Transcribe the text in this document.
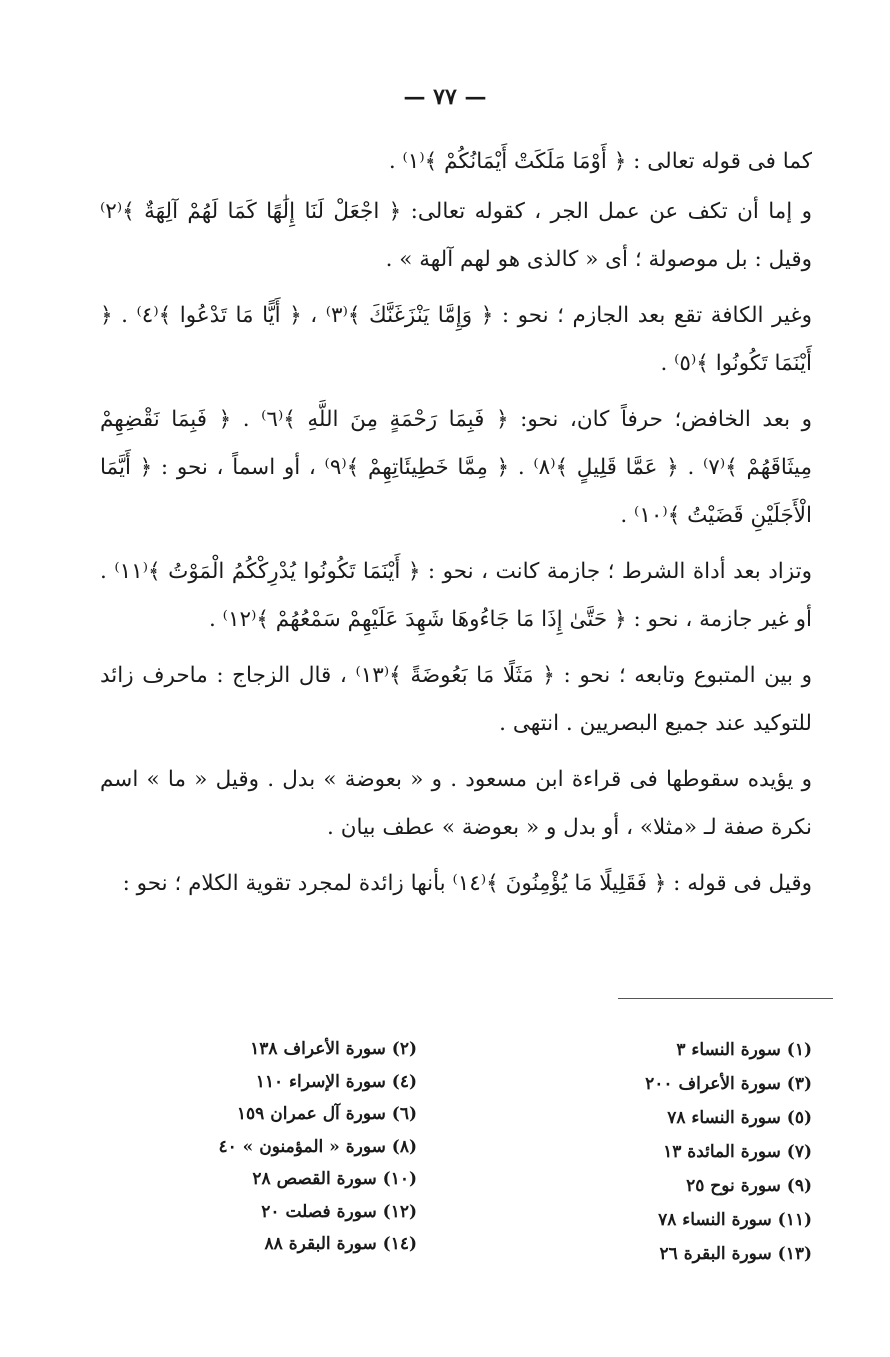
— ٧٧ —

كما فى قوله تعالى : ﴿ أَوْمَا مَلَكَتْ أَيْمَانُكُمْ ﴾⁽١⁾ .

و إما أن تكف عن عمل الجر ، كقوله تعالى: ﴿ اجْعَلْ لَنَا إِلَٰهًا كَمَا لَهُمْ آلِهَةٌ ﴾⁽٢⁾ وقيل : بل موصولة ؛ أى « كالذى هو لهم آلهة » .

وغير الكافة تقع بعد الجازم ؛ نحو : ﴿ وَإِمَّا يَنْزَغَنَّكَ ﴾⁽٣⁾ ، ﴿ أَيًّا مَا تَدْعُوا ﴾⁽٤⁾ . ﴿ أَيْنَمَا تَكُونُوا ﴾⁽٥⁾ .

و بعد الخافض؛ حرفاً كان، نحو: ﴿ فَبِمَا رَحْمَةٍ مِنَ اللَّهِ ﴾⁽٦⁾ . ﴿ فَبِمَا نَقْضِهِمْ مِيثَاقَهُمْ ﴾⁽٧⁾ . ﴿ عَمَّا قَلِيلٍ ﴾⁽٨⁾ . ﴿ مِمَّا خَطِيئَاتِهِمْ ﴾⁽٩⁾ ، أو اسماً ، نحو : ﴿ أَيَّمَا الْأَجَلَيْنِ قَضَيْتُ ﴾⁽١٠⁾ .

وتزاد بعد أداة الشرط ؛ جازمة كانت ، نحو : ﴿ أَيْنَمَا تَكُونُوا يُدْرِكْكُمُ الْمَوْتُ ﴾⁽١١⁾ . أو غير جازمة ، نحو : ﴿ حَتَّىٰ إِذَا مَا جَاءُوهَا شَهِدَ عَلَيْهِمْ سَمْعُهُمْ ﴾⁽١٢⁾ .

و بين المتبوع وتابعه ؛ نحو : ﴿ مَثَلًا مَا بَعُوضَةً ﴾⁽١٣⁾ ، قال الزجاج : ماحرف زائد للتوكيد عند جميع البصريين . انتهى .

و يؤيده سقوطها فى قراءة ابن مسعود . و « بعوضة » بدل . وقيل « ما » اسم نكرة صفة لـ «مثلا» ، أو بدل و « بعوضة » عطف بيان .

وقيل فى قوله : ﴿ فَقَلِيلًا مَا يُؤْمِنُونَ ﴾⁽١٤⁾ بأنها زائدة لمجرد تقوية الكلام ؛ نحو :

(١) سورة النساء ٣
(٣) سورة الأعراف ٢٠٠
(٥) سورة النساء ٧٨
(٧) سورة المائدة ١٣
(٩) سورة نوح ٢٥
(١١) سورة النساء ٧٨
(١٣) سورة البقرة ٢٦
(٢) سورة الأعراف ١٣٨
(٤) سورة الإسراء ١١٠
(٦) سورة آل عمران ١٥٩
(٨) سورة « المؤمنون » ٤٠
(١٠) سورة القصص ٢٨
(١٢) سورة فصلت ٢٠
(١٤) سورة البقرة ٨٨
